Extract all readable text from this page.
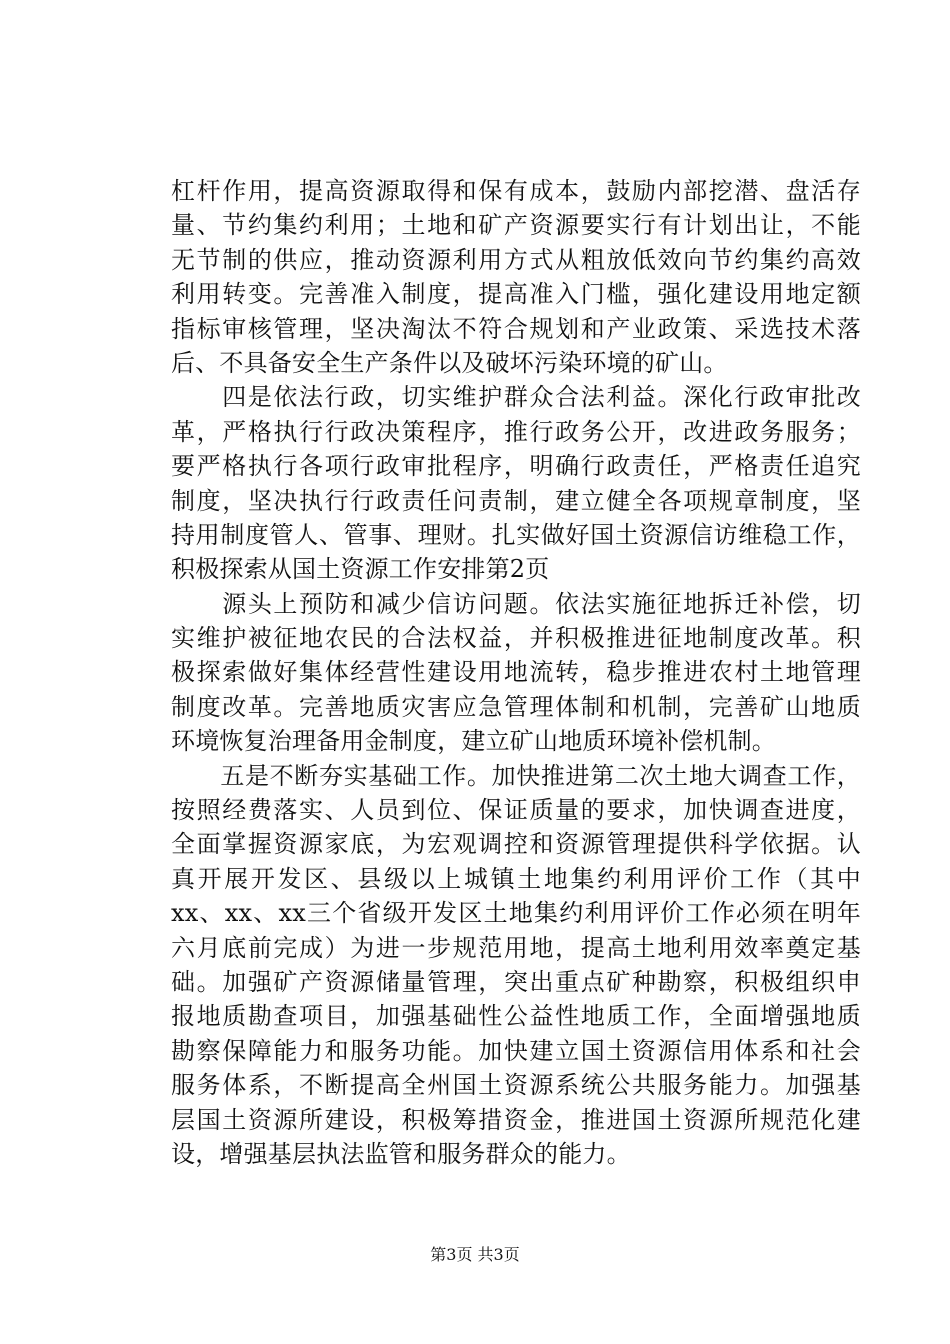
杠杆作用，提高资源取得和保有成本，鼓励内部挖潜、盘活存
量、节约集约利用；土地和矿产资源要实行有计划出让，不能
无节制的供应，推动资源利用方式从粗放低效向节约集约高效
利用转变。完善准入制度，提高准入门槛，强化建设用地定额
指标审核管理，坚决淘汰不符合规划和产业政策、采选技术落
后、不具备安全生产条件以及破坏污染环境的矿山。
　　四是依法行政，切实维护群众合法利益。深化行政审批改
革，严格执行行政决策程序，推行政务公开，改进政务服务；
要严格执行各项行政审批程序，明确行政责任，严格责任追究
制度，坚决执行行政责任问责制，建立健全各项规章制度，坚
持用制度管人、管事、理财。扎实做好国土资源信访维稳工作，
积极探索从国土资源工作安排第2页
　　源头上预防和减少信访问题。依法实施征地拆迁补偿，切
实维护被征地农民的合法权益，并积极推进征地制度改革。积
极探索做好集体经营性建设用地流转，稳步推进农村土地管理
制度改革。完善地质灾害应急管理体制和机制，完善矿山地质
环境恢复治理备用金制度，建立矿山地质环境补偿机制。
　　五是不断夯实基础工作。加快推进第二次土地大调查工作，
按照经费落实、人员到位、保证质量的要求，加快调查进度，
全面掌握资源家底，为宏观调控和资源管理提供科学依据。认
真开展开发区、县级以上城镇土地集约利用评价工作（其中
xx、xx、xx三个省级开发区土地集约利用评价工作必须在明年
六月底前完成）为进一步规范用地，提高土地利用效率奠定基
础。加强矿产资源储量管理，突出重点矿种勘察，积极组织申
报地质勘查项目，加强基础性公益性地质工作，全面增强地质
勘察保障能力和服务功能。加快建立国土资源信用体系和社会
服务体系，不断提高全州国土资源系统公共服务能力。加强基
层国土资源所建设，积极筹措资金，推进国土资源所规范化建
设，增强基层执法监管和服务群众的能力。
第3页 共3页
